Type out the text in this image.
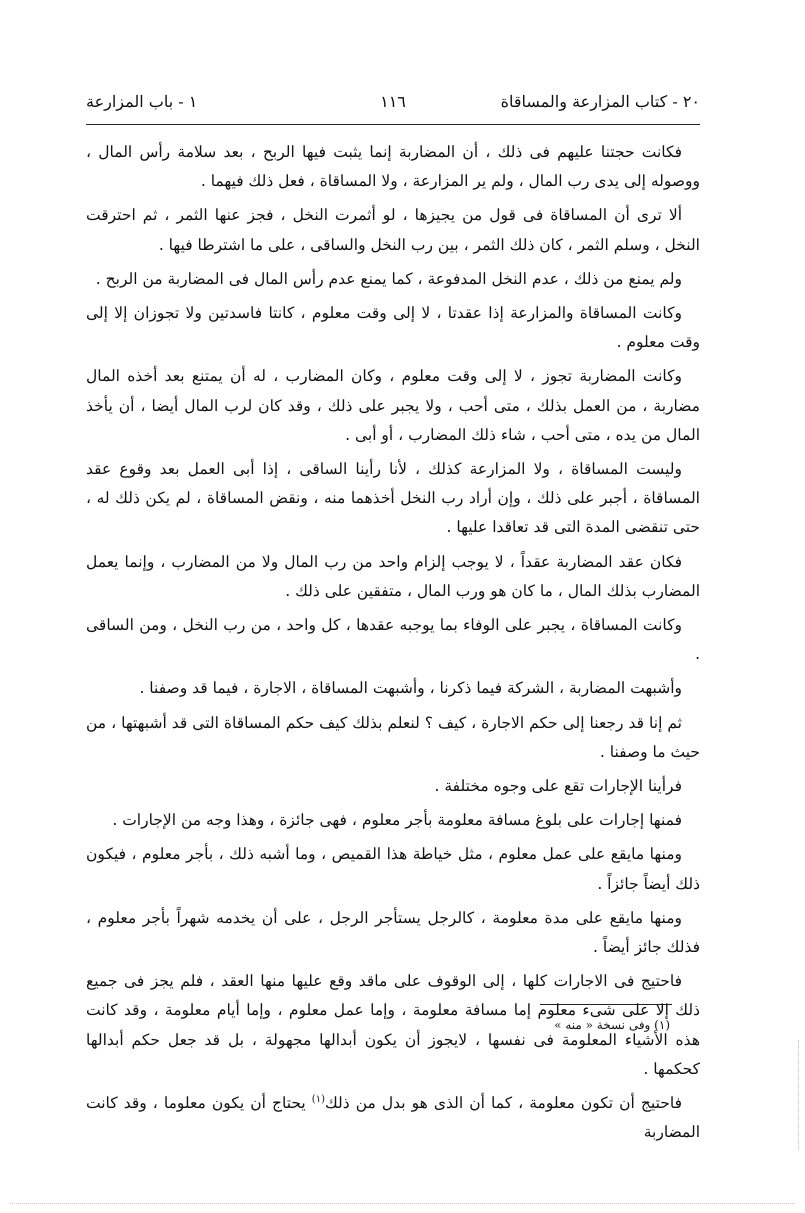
٢٠ - كتاب المزارعة والمساقاة
١١٦
١ - باب المزارعة

فكانت حجتنا عليهم فى ذلك ، أن المضاربة إنما يثبت فيها الربح ، بعد سلامة رأس المال ، ووصوله إلى يدى رب المال ، ولم ير المزارعة ، ولا المساقاة ، فعل ذلك فيهما .

ألا ترى أن المساقاة فى قول من يجيزها ، لو أثمرت النخل ، فجز عنها الثمر ، ثم احترقت النخل ، وسلم الثمر ، كان ذلك الثمر ، بين رب النخل والساقى ، على ما اشترطا فيها .

ولم يمنع من ذلك ، عدم النخل المدفوعة ، كما يمنع عدم رأس المال فى المضاربة من الربح .

وكانت المساقاة والمزارعة إذا عقدتا ، لا إلى وقت معلوم ، كانتا فاسدتين ولا تجوزان إلا إلى وقت معلوم .

وكانت المضاربة تجوز ، لا إلى وقت معلوم ، وكان المضارب ، له أن يمتنع بعد أخذه المال مضاربة ، من العمل بذلك ، متى أحب ، ولا يجبر على ذلك ، وقد كان لرب المال أيضا ، أن يأخذ المال من يده ، متى أحب ، شاء ذلك المضارب ، أو أبى .

وليست المساقاة ، ولا المزارعة كذلك ، لأنا رأينا الساقى ، إذا أبى العمل بعد وقوع عقد المساقاة ، أجبر على ذلك ، وإن أراد رب النخل أخذهما منه ، ونقض المساقاة ، لم يكن ذلك له ، حتى تنقضى المدة التى قد تعاقدا عليها .

فكان عقد المضاربة عقداً ، لا يوجب إلزام واحد من رب المال ولا من المضارب ، وإنما يعمل المضارب بذلك المال ، ما كان هو ورب المال ، متفقين على ذلك .

وكانت المساقاة ، يجبر على الوفاء بما يوجبه عقدها ، كل واحد ، من رب النخل ، ومن الساقى .

وأشبهت المضاربة ، الشركة فيما ذكرنا ، وأشبهت المساقاة ، الاجارة ، فيما قد وصفنا .

ثم إنا قد رجعنا إلى حكم الاجارة ، كيف ؟ لنعلم بذلك كيف حكم المساقاة التى قد أشبهتها ، من حيث ما وصفنا .

فرأينا الإجارات تقع على وجوه مختلفة .

فمنها إجارات على بلوغ مسافة معلومة بأجر معلوم ، فهى جائزة ، وهذا وجه من الإجارات .

ومنها مايقع على عمل معلوم ، مثل خياطة هذا القميص ، وما أشبه ذلك ، بأجر معلوم ، فيكون ذلك أيضاً جائزاً .

ومنها مايقع على مدة معلومة ، كالرجل يستأجر الرجل ، على أن يخدمه شهراً بأجر معلوم ، فذلك جائز أيضاً .

فاحتيج فى الاجارات كلها ، إلى الوقوف على ماقد وقع عليها منها العقد ، فلم يجز فى جميع ذلك إلا على شىء معلوم إما مسافة معلومة ، وإما عمل معلوم ، وإما أيام معلومة ، وقد كانت هذه الأشياء المعلومة فى نفسها ، لايجوز أن يكون أبدالها مجهولة ، بل قد جعل حكم أبدالها كحكمها .

فاحتيج أن تكون معلومة ، كما أن الذى هو بدل من ذلك$^{(١)}$ يحتاج أن يكون معلوما ، وقد كانت المضاربة

(١) وفى نسخة « منه »
